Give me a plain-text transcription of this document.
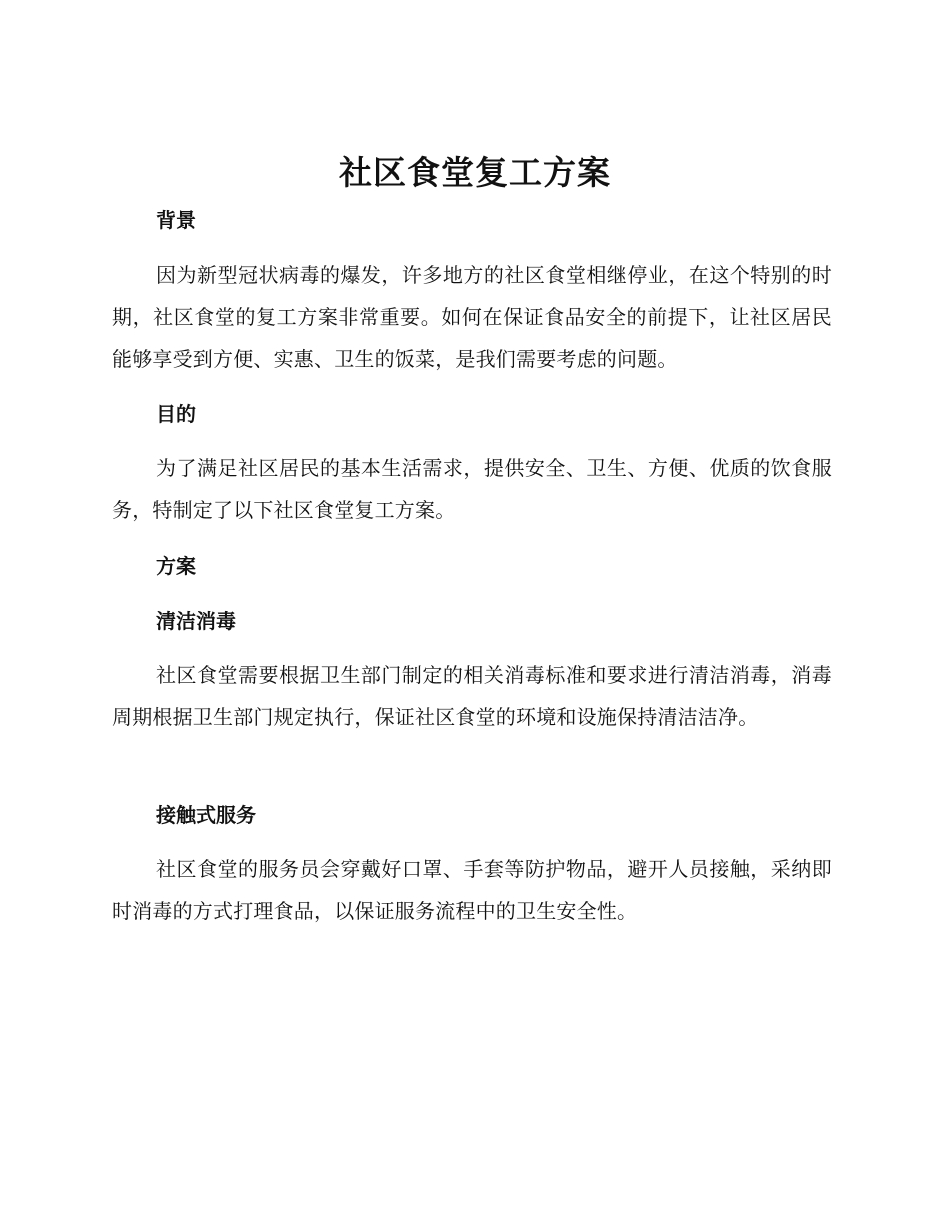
社区食堂复工方案
背景

因为新型冠状病毒的爆发，许多地方的社区食堂相继停业，在这个特别的时期，社区食堂的复工方案非常重要。如何在保证食品安全的前提下，让社区居民能够享受到方便、实惠、卫生的饭菜，是我们需要考虑的问题。

目的

为了满足社区居民的基本生活需求，提供安全、卫生、方便、优质的饮食服务，特制定了以下社区食堂复工方案。

方案
清洁消毒

社区食堂需要根据卫生部门制定的相关消毒标准和要求进行清洁消毒，消毒周期根据卫生部门规定执行，保证社区食堂的环境和设施保持清洁洁净。

接触式服务

社区食堂的服务员会穿戴好口罩、手套等防护物品，避开人员接触，采纳即时消毒的方式打理食品，以保证服务流程中的卫生安全性。
